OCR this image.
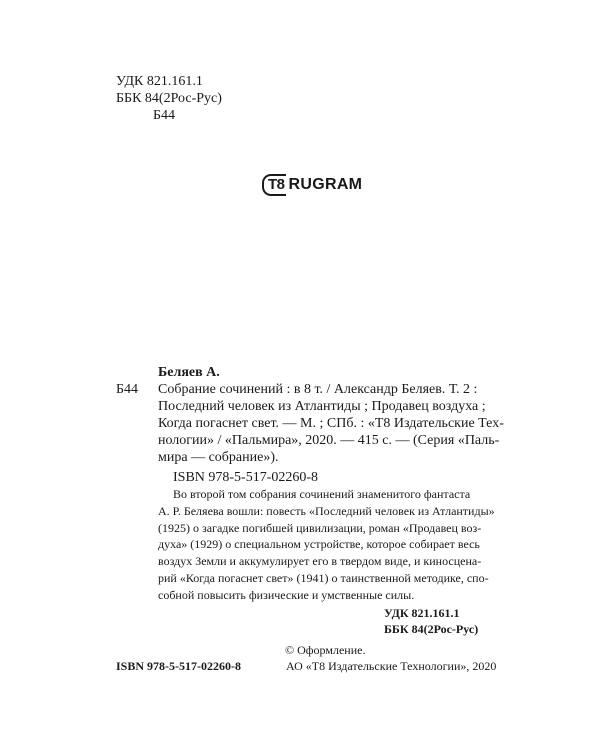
УДК 821.161.1
ББК 84(2Рос-Рус)
Б44
T8 RUGRAM
Беляев А.
Б44 Собрание сочинений : в 8 т. / Александр Беляев. Т. 2 :
Последний человек из Атлантиды ; Продавец воздуха ;
Когда погаснет свет. — М. ; СПб. : «Т8 Издательские Тех-
нологии» / «Пальмира», 2020. — 415 с. — (Серия «Паль-
мира — собрание»).
ISBN 978-5-517-02260-8
Во второй том собрания сочинений знаменитого фантаста
А. Р. Беляева вошли: повесть «Последний человек из Атлантиды»
(1925) о загадке погибшей цивилизации, роман «Продавец воз-
духа» (1929) о специальном устройстве, которое собирает весь
воздух Земли и аккумулирует его в твердом виде, и киносцена-
рий «Когда погаснет свет» (1941) о таинственной методике, спо-
собной повысить физические и умственные силы.
УДК 821.161.1
ББК 84(2Рос-Рус)
© Оформление.
ISBN 978-5-517-02260-8	АО «Т8 Издательские Технологии», 2020
